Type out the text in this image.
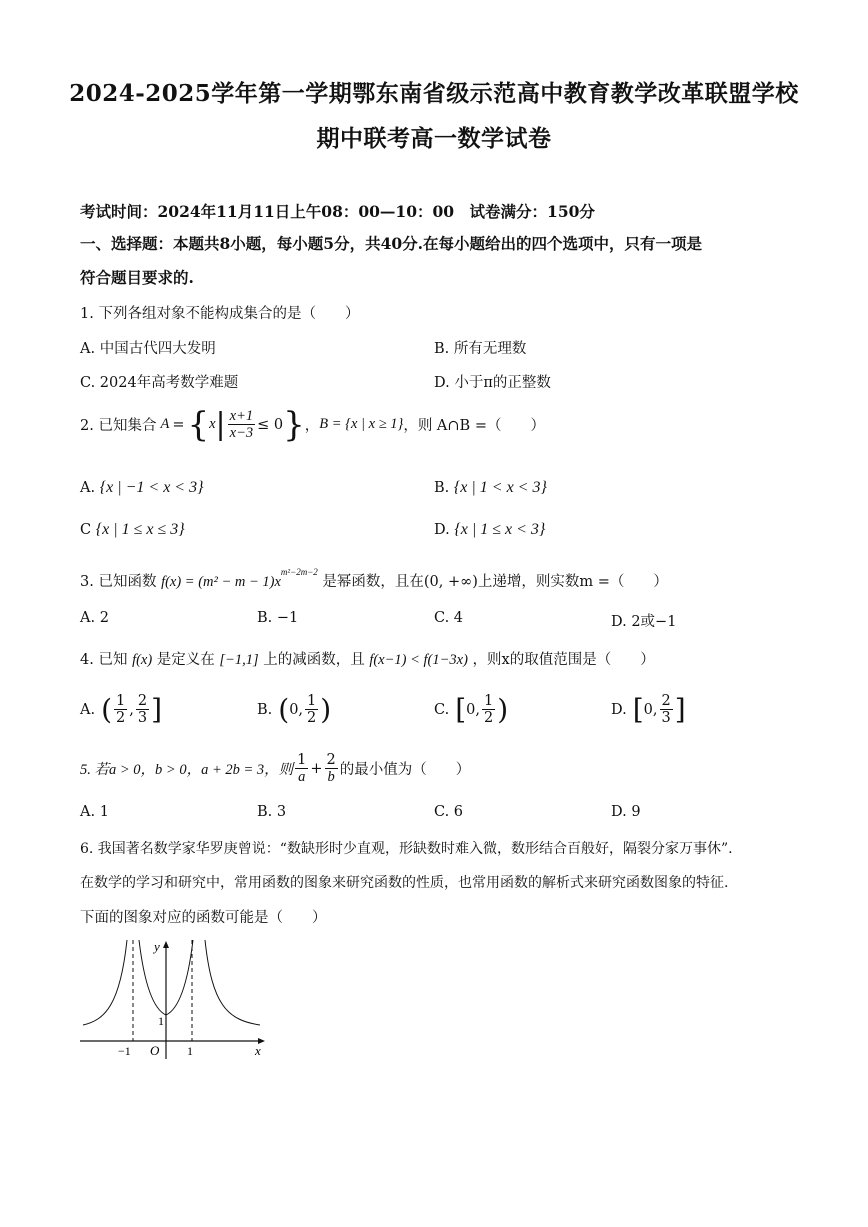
2024-2025学年第一学期鄂东南省级示范高中教育教学改革联盟学校
期中联考高一数学试卷
考试时间：2024年11月11日上午08：00—10：00　试卷满分：150分
一、选择题：本题共8小题，每小题5分，共40分.在每小题给出的四个选项中，只有一项是
符合题目要求的.
1. 下列各组对象不能构成集合的是（　　）
A. 中国古代四大发明	B. 所有无理数
C. 2024年高考数学难题	D. 小于π的正整数
2. 已知集合 A = { x | $\frac{x+1}{x-3} \le 0$ } ， B = {x | x ≥ 1} ，则 A∩B =（　　）
A. {x | −1 < x < 3}	B. {x | 1 < x < 3}
C {x | 1 ≤ x ≤ 3}	D. {x | 1 ≤ x < 3}
3. 已知函数 $f(x) = (m^2 - m - 1)x^{m^2-2m-2}$ 是幂函数，且在(0, +∞)上递增，则实数m =（　　）
A. 2	B. −1	C. 4	D. 2或−1
4. 已知 f(x) 是定义在 [−1,1] 上的减函数，且 f(x−1) < f(1−3x) ，则x的取值范围是（　　）
A. ( $\frac{1}{2}$ , $\frac{2}{3}$ ]	B. ( 0, $\frac{1}{2}$ )	C. [ 0, $\frac{1}{2}$ )	D. [ 0, $\frac{2}{3}$ ]
5. 若a > 0，b > 0，a + 2b = 3，则 $\frac{1}{a} + \frac{2}{b}$ 的最小值为（　　）
A. 1	B. 3	C. 6	D. 9
6. 我国著名数学家华罗庚曾说：“数缺形时少直观，形缺数时难入微，数形结合百般好，隔裂分家万事休”.
在数学的学习和研究中，常用函数的图象来研究函数的性质，也常用函数的解析式来研究函数图象的特征.
下面的图象对应的函数可能是（　　）
y
x
O
−1	1
1
